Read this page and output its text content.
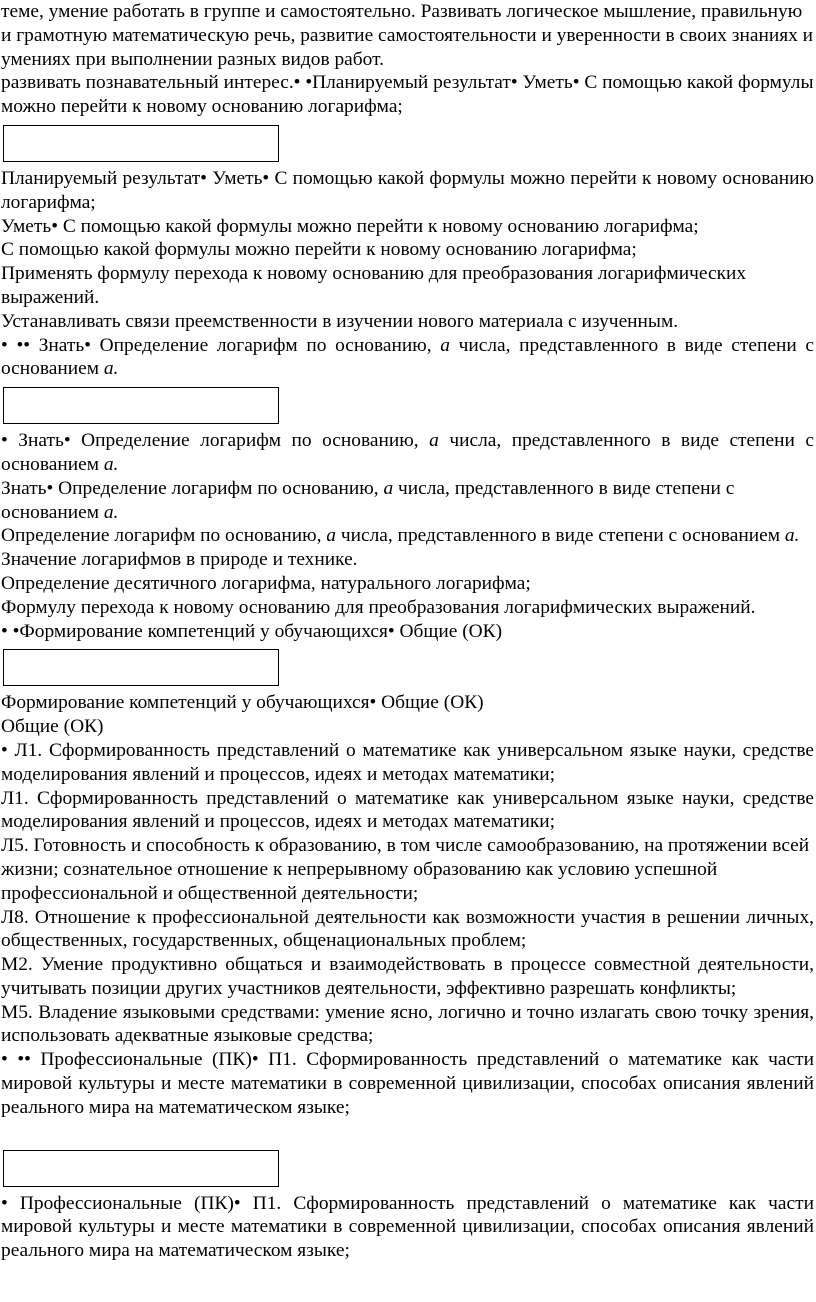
теме, умение работать в группе и самостоятельно. Развивать логическое мышление, правильную и грамотную математическую речь, развитие самостоятельности и уверенности в своих знаниях и умениях при выполнении разных видов работ.

развивать познавательный интерес.• •Планируемый результат• Уметь• С помощью какой формулы можно перейти к новому основанию логарифма;

Планируемый результат• Уметь• С помощью какой формулы можно перейти к новому основанию логарифма;

Уметь• С помощью какой формулы можно перейти к новому основанию логарифма;

С помощью какой формулы можно перейти к новому основанию логарифма;

Применять формулу перехода к новому основанию для преобразования логарифмических выражений.

Устанавливать связи преемственности в изучении нового материала с изученным.

• •• Знать• Определение логарифм по основанию, а числа, представленного в виде степени с основанием а.

• Знать• Определение логарифм по основанию, а числа, представленного в виде степени с основанием а.

Знать• Определение логарифм по основанию, а числа, представленного в виде степени с основанием а.

Определение логарифм по основанию, а числа, представленного в виде степени с основанием а.

Значение логарифмов в природе и технике.

Определение десятичного логарифма, натурального логарифма;

Формулу перехода к новому основанию для преобразования логарифмических выражений.

• •Формирование компетенций у обучающихся• Общие (ОК)

Формирование компетенций у обучающихся• Общие (ОК)

Общие (ОК)

• Л1. Сформированность представлений о математике как универсальном языке науки, средстве моделирования явлений и процессов, идеях и методах математики;

Л1. Сформированность представлений о математике как универсальном языке науки, средстве моделирования явлений и процессов, идеях и методах математики;

Л5. Готовность и способность к образованию, в том числе самообразованию, на протяжении всей жизни; сознательное отношение к непрерывному образованию как условию успешной профессиональной и общественной деятельности;

Л8. Отношение к профессиональной деятельности как возможности участия в решении личных, общественных, государственных, общенациональных проблем;

М2. Умение продуктивно общаться и взаимодействовать в процессе совместной деятельности, учитывать позиции других участников деятельности, эффективно разрешать конфликты;

М5. Владение языковыми средствами: умение ясно, логично и точно излагать свою точку зрения, использовать адекватные языковые средства;

• •• Профессиональные (ПК)• П1. Сформированность представлений о математике как части мировой культуры и месте математики в современной цивилизации, способах описания явлений реального мира на математическом языке;

• Профессиональные (ПК)• П1. Сформированность представлений о математике как части мировой культуры и месте математики в современной цивилизации, способах описания явлений реального мира на математическом языке;
